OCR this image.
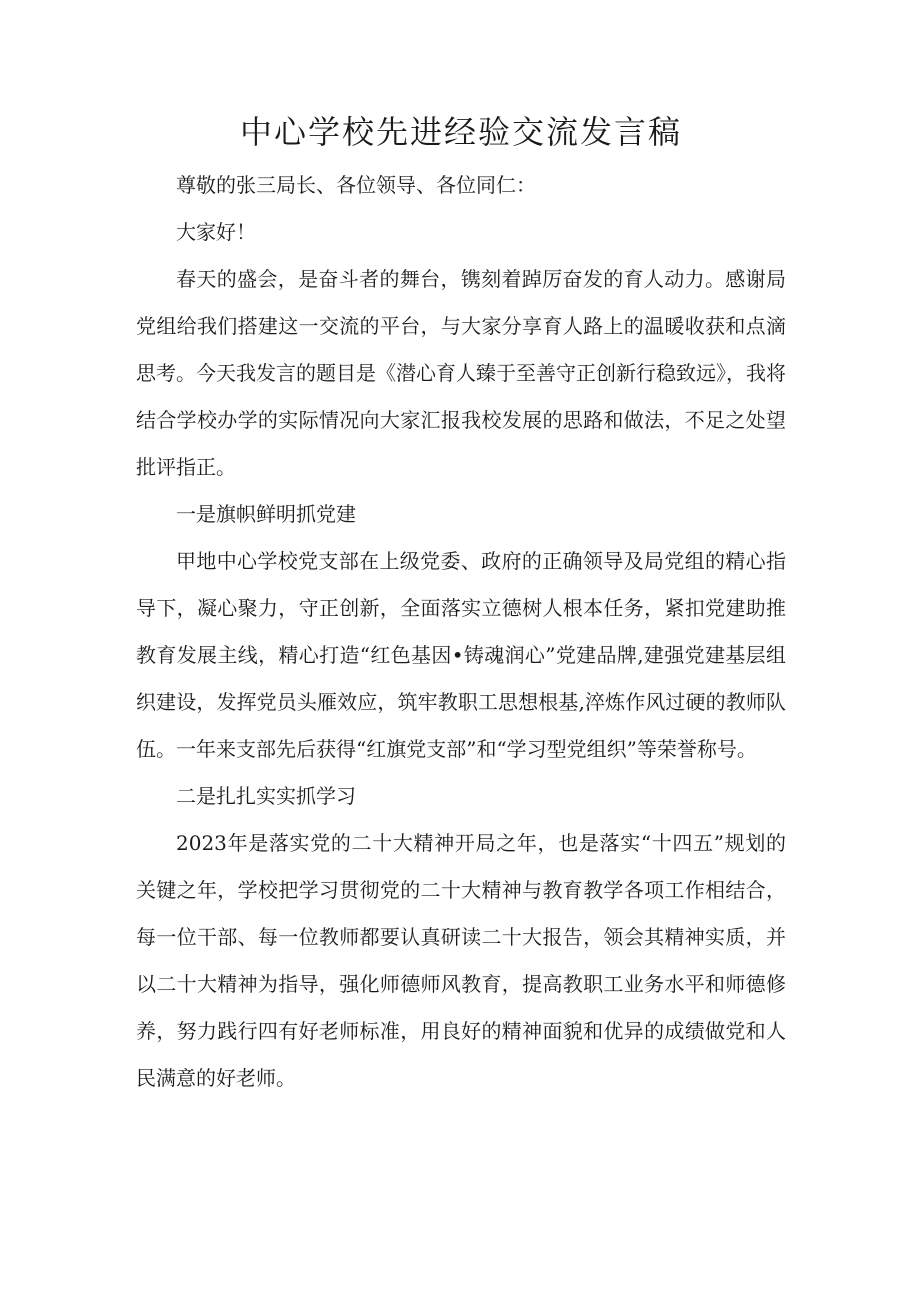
中心学校先进经验交流发言稿

尊敬的张三局长、各位领导、各位同仁：

大家好！

春天的盛会，是奋斗者的舞台，镌刻着踔厉奋发的育人动力。感谢局党组给我们搭建这一交流的平台，与大家分享育人路上的温暖收获和点滴思考。今天我发言的题目是《潜心育人臻于至善守正创新行稳致远》，我将结合学校办学的实际情况向大家汇报我校发展的思路和做法，不足之处望批评指正。

一是旗帜鲜明抓党建

甲地中心学校党支部在上级党委、政府的正确领导及局党组的精心指导下，凝心聚力，守正创新，全面落实立德树人根本任务，紧扣党建助推教育发展主线，精心打造“红色基因•铸魂润心”党建品牌,建强党建基层组织建设，发挥党员头雁效应，筑牢教职工思想根基,淬炼作风过硬的教师队伍。一年来支部先后获得“红旗党支部”和“学习型党组织”等荣誉称号。

二是扎扎实实抓学习

2023年是落实党的二十大精神开局之年，也是落实“十四五”规划的关键之年，学校把学习贯彻党的二十大精神与教育教学各项工作相结合，每一位干部、每一位教师都要认真研读二十大报告，领会其精神实质，并以二十大精神为指导，强化师德师风教育，提高教职工业务水平和师德修养，努力践行四有好老师标准，用良好的精神面貌和优异的成绩做党和人民满意的好老师。
